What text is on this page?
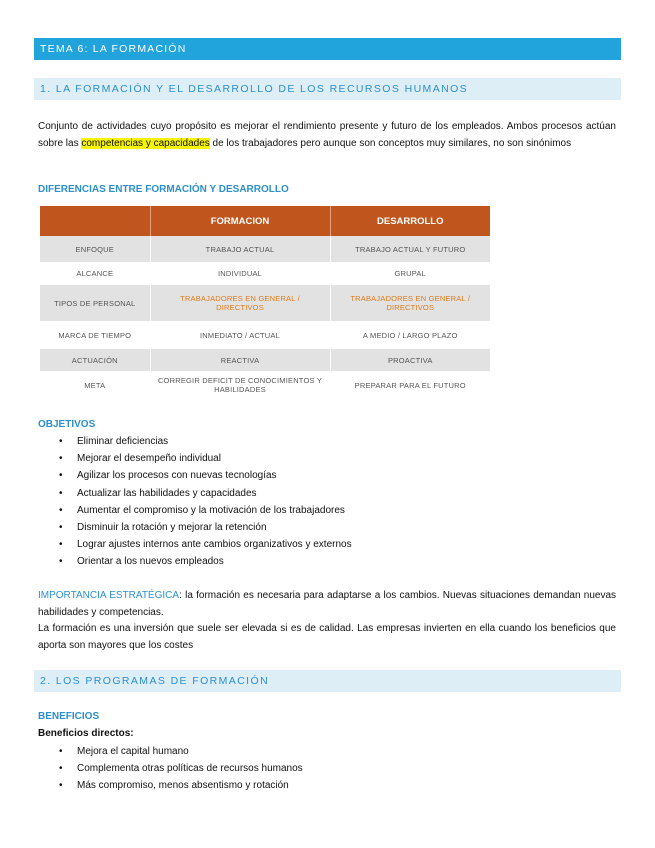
TEMA 6: LA FORMACIÓN
1. LA FORMACIÓN Y EL DESARROLLO DE LOS RECURSOS HUMANOS
Conjunto de actividades cuyo propósito es mejorar el rendimiento presente y futuro de los empleados. Ambos procesos actúan sobre las competencias y capacidades de los trabajadores pero aunque son conceptos muy similares, no son sinónimos
DIFERENCIAS ENTRE FORMACIÓN Y DESARROLLO
	FORMACION	DESARROLLO
ENFOQUE	TRABAJO ACTUAL	TRABAJO ACTUAL Y FUTURO
ALCANCE	INDIVIDUAL	GRUPAL
TIPOS DE PERSONAL	TRABAJADORES EN GENERAL / DIRECTIVOS	TRABAJADORES EN GENERAL / DIRECTIVOS
MARCA DE TIEMPO	INMEDIATO / ACTUAL	A MEDIO / LARGO PLAZO
ACTUACIÓN	REACTIVA	PROACTIVA
META	CORREGIR DEFICIT DE CONOCIMIENTOS Y HABILIDADES	PREPARAR PARA EL FUTURO
OBJETIVOS
• Eliminar deficiencias
• Mejorar el desempeño individual
• Agilizar los procesos con nuevas tecnologías
• Actualizar las habilidades y capacidades
• Aumentar el compromiso y la motivación de los trabajadores
• Disminuir la rotación y mejorar la retención
• Lograr ajustes internos ante cambios organizativos y externos
• Orientar a los nuevos empleados
IMPORTANCIA ESTRATÉGICA: la formación es necesaria para adaptarse a los cambios. Nuevas situaciones demandan nuevas habilidades y competencias.
La formación es una inversión que suele ser elevada si es de calidad. Las empresas invierten en ella cuando los beneficios que aporta son mayores que los costes
2. LOS PROGRAMAS DE FORMACIÓN
BENEFICIOS
Beneficios directos:
• Mejora el capital humano
• Complementa otras políticas de recursos humanos
• Más compromiso, menos absentismo y rotación
